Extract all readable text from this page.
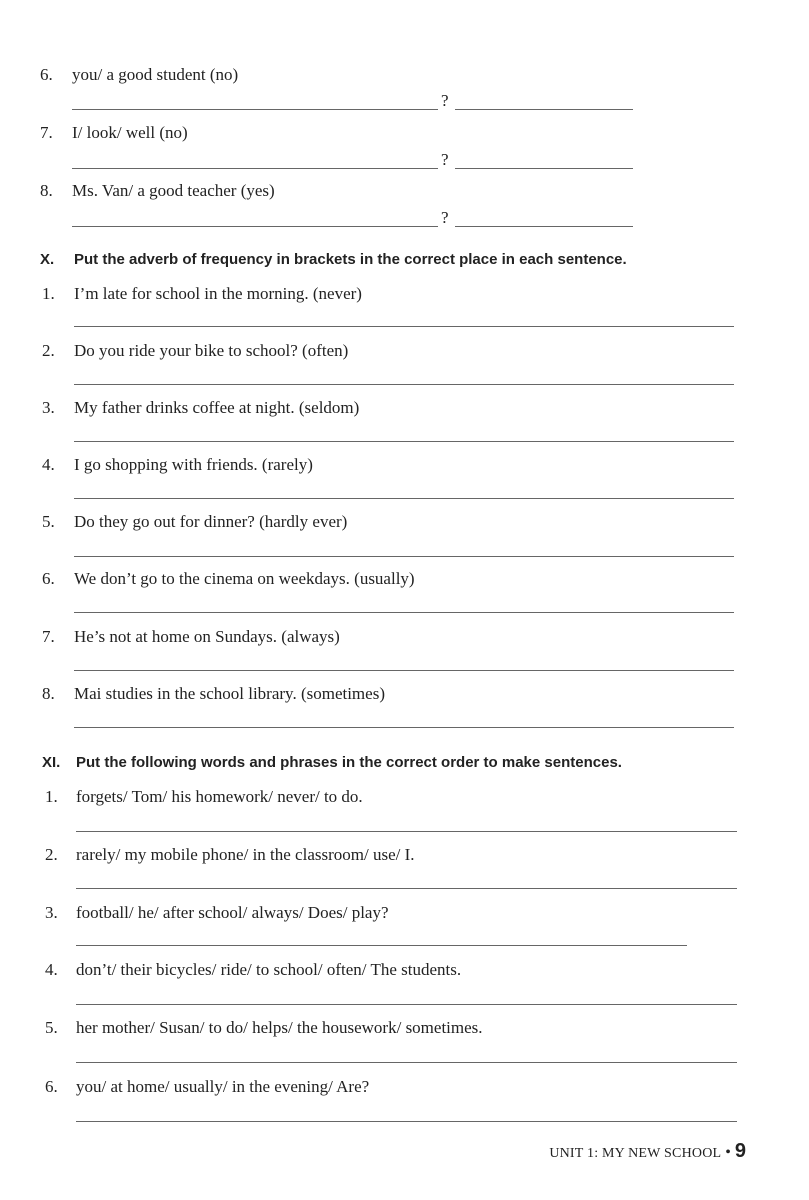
6. you/ a good student (no)
?
7. I/ look/ well (no)
?
8. Ms. Van/ a good teacher (yes)
?
X. Put the adverb of frequency in brackets in the correct place in each sentence.
1. I’m late for school in the morning. (never)
2. Do you ride your bike to school? (often)
3. My father drinks coffee at night. (seldom)
4. I go shopping with friends. (rarely)
5. Do they go out for dinner? (hardly ever)
6. We don’t go to the cinema on weekdays. (usually)
7. He’s not at home on Sundays. (always)
8. Mai studies in the school library. (sometimes)
XI. Put the following words and phrases in the correct order to make sentences.
1. forgets/ Tom/ his homework/ never/ to do.
2. rarely/ my mobile phone/ in the classroom/ use/ I.
3. football/ he/ after school/ always/ Does/ play?
4. don’t/ their bicycles/ ride/ to school/ often/ The students.
5. her mother/ Susan/ to do/ helps/ the housework/ sometimes.
6. you/ at home/ usually/ in the evening/ Are?
UNIT 1: MY NEW SCHOOL • 9
